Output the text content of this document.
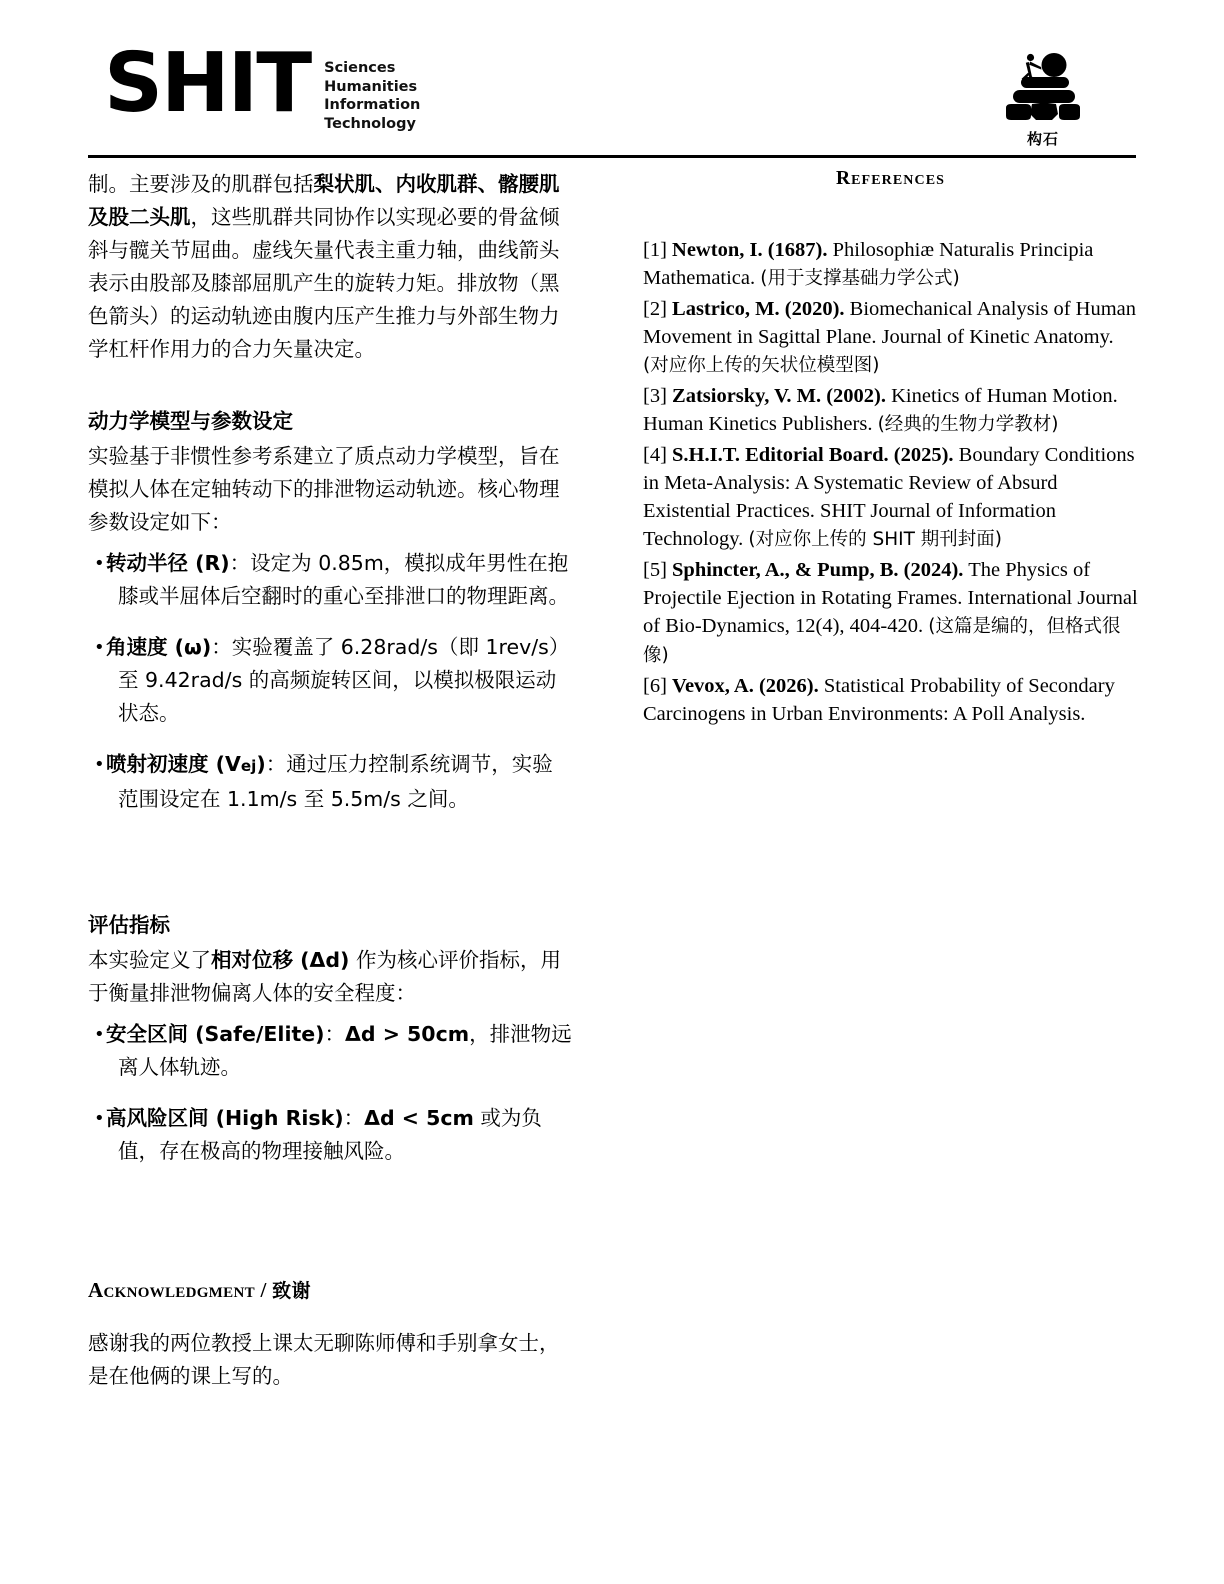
SHIT Sciences
Humanities
Information
Technology
构石

制。主要涉及的肌群包括梨状肌、内收肌群、髂腰肌及股二头肌，这些肌群共同协作以实现必要的骨盆倾斜与髋关节屈曲。虚线矢量代表主重力轴，曲线箭头表示由股部及膝部屈肌产生的旋转力矩。排放物（黑色箭头）的运动轨迹由腹内压产生推力与外部生物力学杠杆作用力的合力矢量决定。

动力学模型与参数设定

实验基于非惯性参考系建立了质点动力学模型，旨在模拟人体在定轴转动下的排泄物运动轨迹。核心物理参数设定如下：

• 转动半径 (R)：设定为 0.85m，模拟成年男性在抱膝或半屈体后空翻时的重心至排泄口的物理距离。
• 角速度 (ω)：实验覆盖了 6.28rad/s（即 1rev/s）至 9.42rad/s 的高频旋转区间，以模拟极限运动状态。
• 喷射初速度 (Vej)：通过压力控制系统调节，实验范围设定在 1.1m/s 至 5.5m/s 之间。
评估指标

本实验定义了相对位移 (Δd) 作为核心评价指标，用于衡量排泄物偏离人体的安全程度：

• 安全区间 (Safe/Elite)：Δd > 50cm，排泄物远离人体轨迹。
• 高风险区间 (High Risk)：Δd < 5cm 或为负值，存在极高的物理接触风险。
Acknowledgment / 致谢

感谢我的两位教授上课太无聊陈师傅和手别拿女士，是在他俩的课上写的。

References
[1] Newton, I. (1687). Philosophiæ Naturalis Principia Mathematica. (用于支撑基础力学公式)
[2] Lastrico, M. (2020). Biomechanical Analysis of Human Movement in Sagittal Plane. Journal of Kinetic Anatomy. (对应你上传的矢状位模型图)
[3] Zatsiorsky, V. M. (2002). Kinetics of Human Motion. Human Kinetics Publishers. (经典的生物力学教材)
[4] S.H.I.T. Editorial Board. (2025). Boundary Conditions in Meta-Analysis: A Systematic Review of Absurd Existential Practices. SHIT Journal of Information Technology. (对应你上传的 SHIT 期刊封面)
[5] Sphincter, A., & Pump, B. (2024). The Physics of Projectile Ejection in Rotating Frames. International Journal of Bio-Dynamics, 12(4), 404-420. (这篇是编的，但格式很像)
[6] Vevox, A. (2026). Statistical Probability of Secondary Carcinogens in Urban Environments: A Poll Analysis.
